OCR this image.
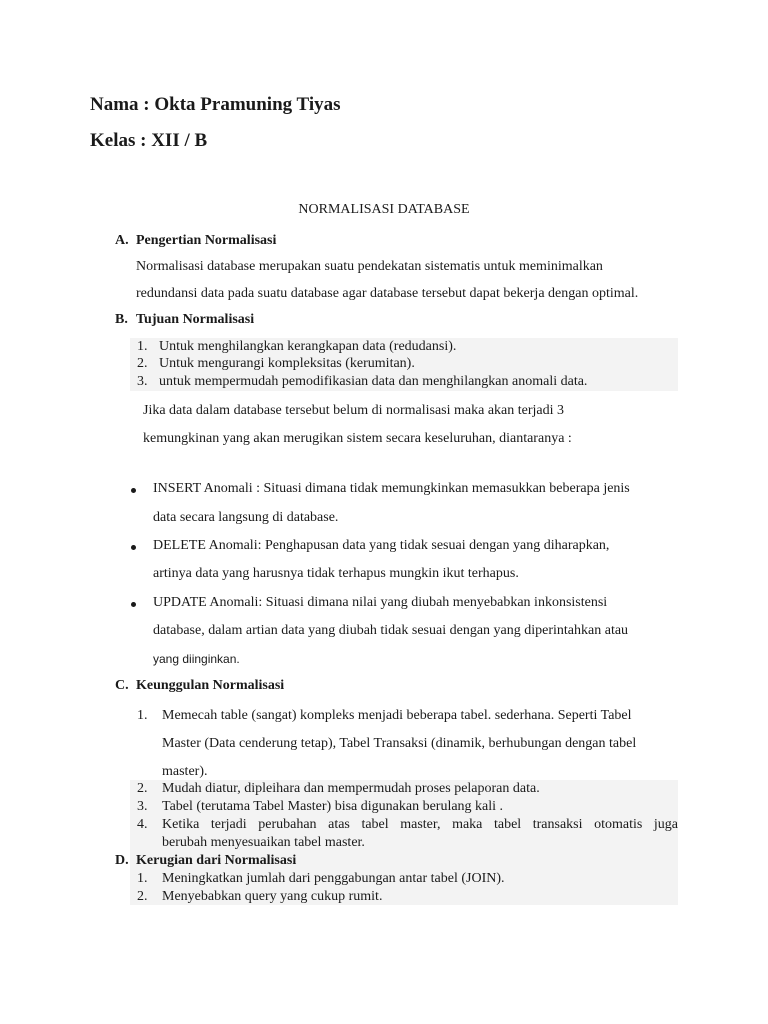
Nama : Okta Pramuning Tiyas
Kelas : XII / B
NORMALISASI DATABASE
A. Pengertian Normalisasi
Normalisasi database merupakan suatu pendekatan sistematis untuk meminimalkan
redundansi data pada suatu database agar database tersebut dapat bekerja dengan optimal.
B. Tujuan Normalisasi
1. Untuk menghilangkan kerangkapan data (redudansi).
2. Untuk mengurangi kompleksitas (kerumitan).
3. untuk mempermudah pemodifikasian data dan menghilangkan anomali data.
Jika data dalam database tersebut belum di normalisasi maka akan terjadi 3
kemungkinan yang akan merugikan sistem secara keseluruhan, diantaranya :
INSERT Anomali : Situasi dimana tidak memungkinkan memasukkan beberapa jenis
data secara langsung di database.
DELETE Anomali: Penghapusan data yang tidak sesuai dengan yang diharapkan,
artinya data yang harusnya tidak terhapus mungkin ikut terhapus.
UPDATE Anomali: Situasi dimana nilai yang diubah menyebabkan inkonsistensi
database, dalam artian data yang diubah tidak sesuai dengan yang diperintahkan atau
yang diinginkan.
C. Keunggulan Normalisasi
1. Memecah table (sangat) kompleks menjadi beberapa tabel. sederhana. Seperti Tabel
Master (Data cenderung tetap), Tabel Transaksi (dinamik, berhubungan dengan tabel
master).
2. Mudah diatur, dipleihara dan mempermudah proses pelaporan data.
3. Tabel (terutama Tabel Master) bisa digunakan berulang kali .
4. Ketika terjadi perubahan atas tabel master, maka tabel transaksi otomatis juga
berubah menyesuaikan tabel master.
D. Kerugian dari Normalisasi
1. Meningkatkan jumlah dari penggabungan antar tabel (JOIN).
2. Menyebabkan query yang cukup rumit.
